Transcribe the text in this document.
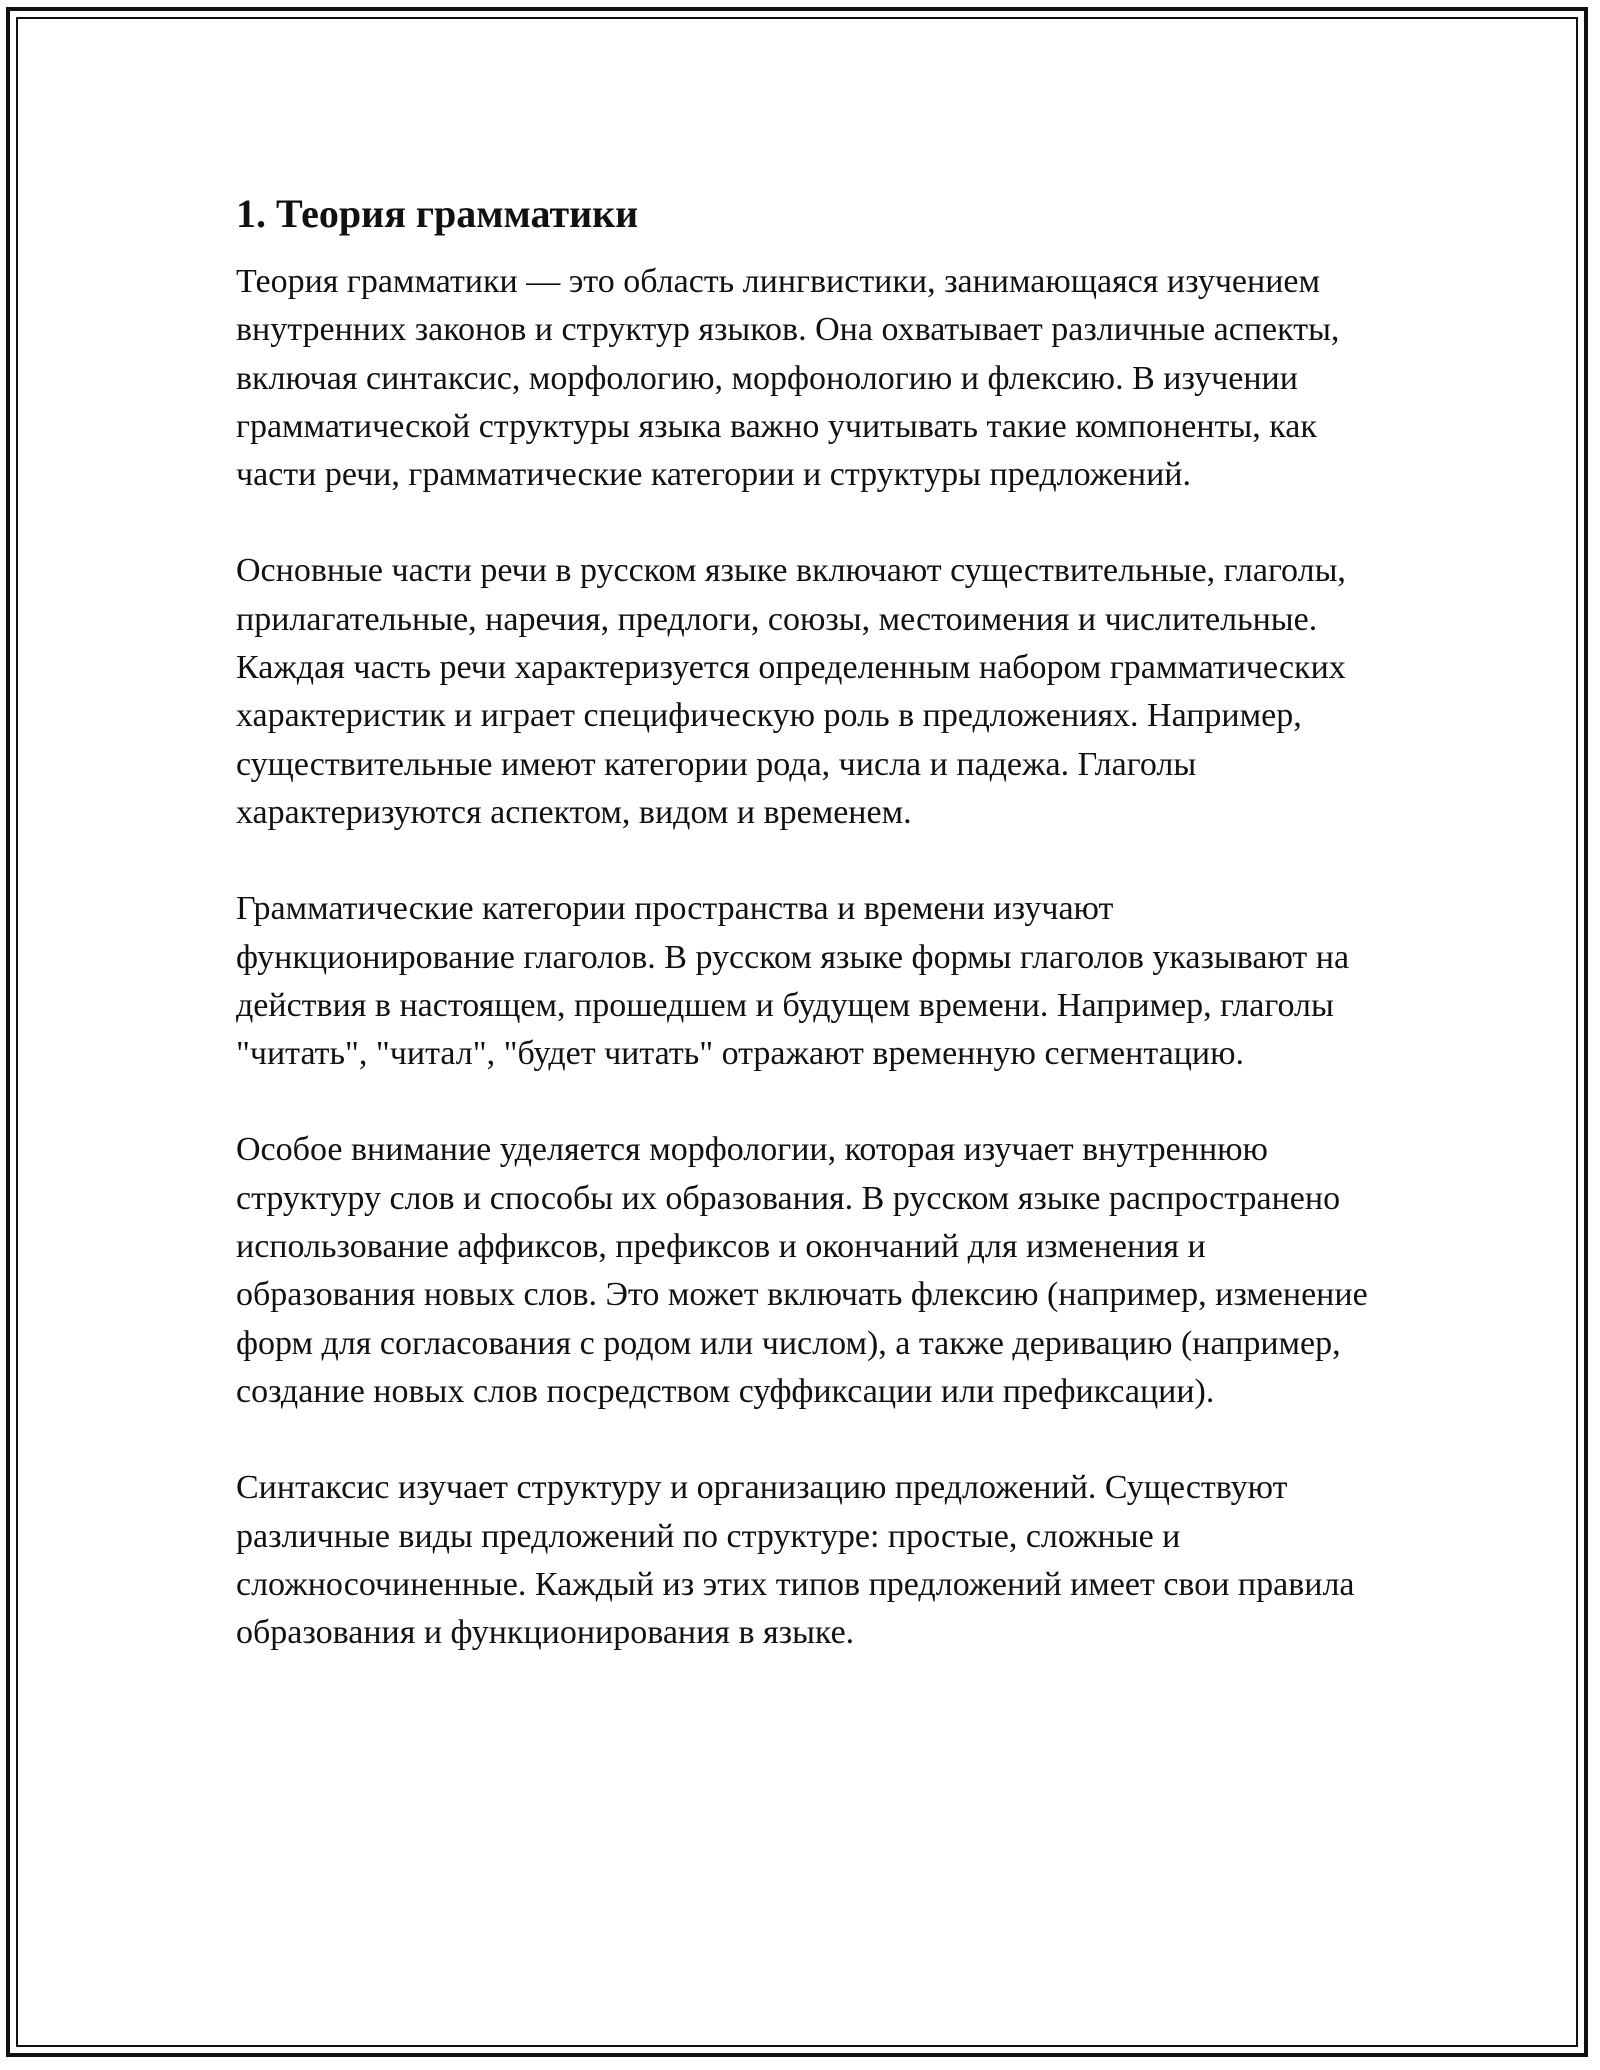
1. Теория грамматики

Теория грамматики — это область лингвистики, занимающаяся изучением внутренних законов и структур языков. Она охватывает различные аспекты, включая синтаксис, морфологию, морфонологию и флексию. В изучении грамматической структуры языка важно учитывать такие компоненты, как части речи, грамматические категории и структуры предложений.

Основные части речи в русском языке включают существительные, глаголы, прилагательные, наречия, предлоги, союзы, местоимения и числительные. Каждая часть речи характеризуется определенным набором грамматических характеристик и играет специфическую роль в предложениях. Например, существительные имеют категории рода, числа и падежа. Глаголы характеризуются аспектом, видом и временем.

Грамматические категории пространства и времени изучают функционирование глаголов. В русском языке формы глаголов указывают на действия в настоящем, прошедшем и будущем времени. Например, глаголы "читать", "читал", "будет читать" отражают временную сегментацию.

Особое внимание уделяется морфологии, которая изучает внутреннюю структуру слов и способы их образования. В русском языке распространено использование аффиксов, префиксов и окончаний для изменения и образования новых слов. Это может включать флексию (например, изменение форм для согласования с родом или числом), а также деривацию (например, создание новых слов посредством суффиксации или префиксации).

Синтаксис изучает структуру и организацию предложений. Существуют различные виды предложений по структуре: простые, сложные и сложносочиненные. Каждый из этих типов предложений имеет свои правила образования и функционирования в языке.
